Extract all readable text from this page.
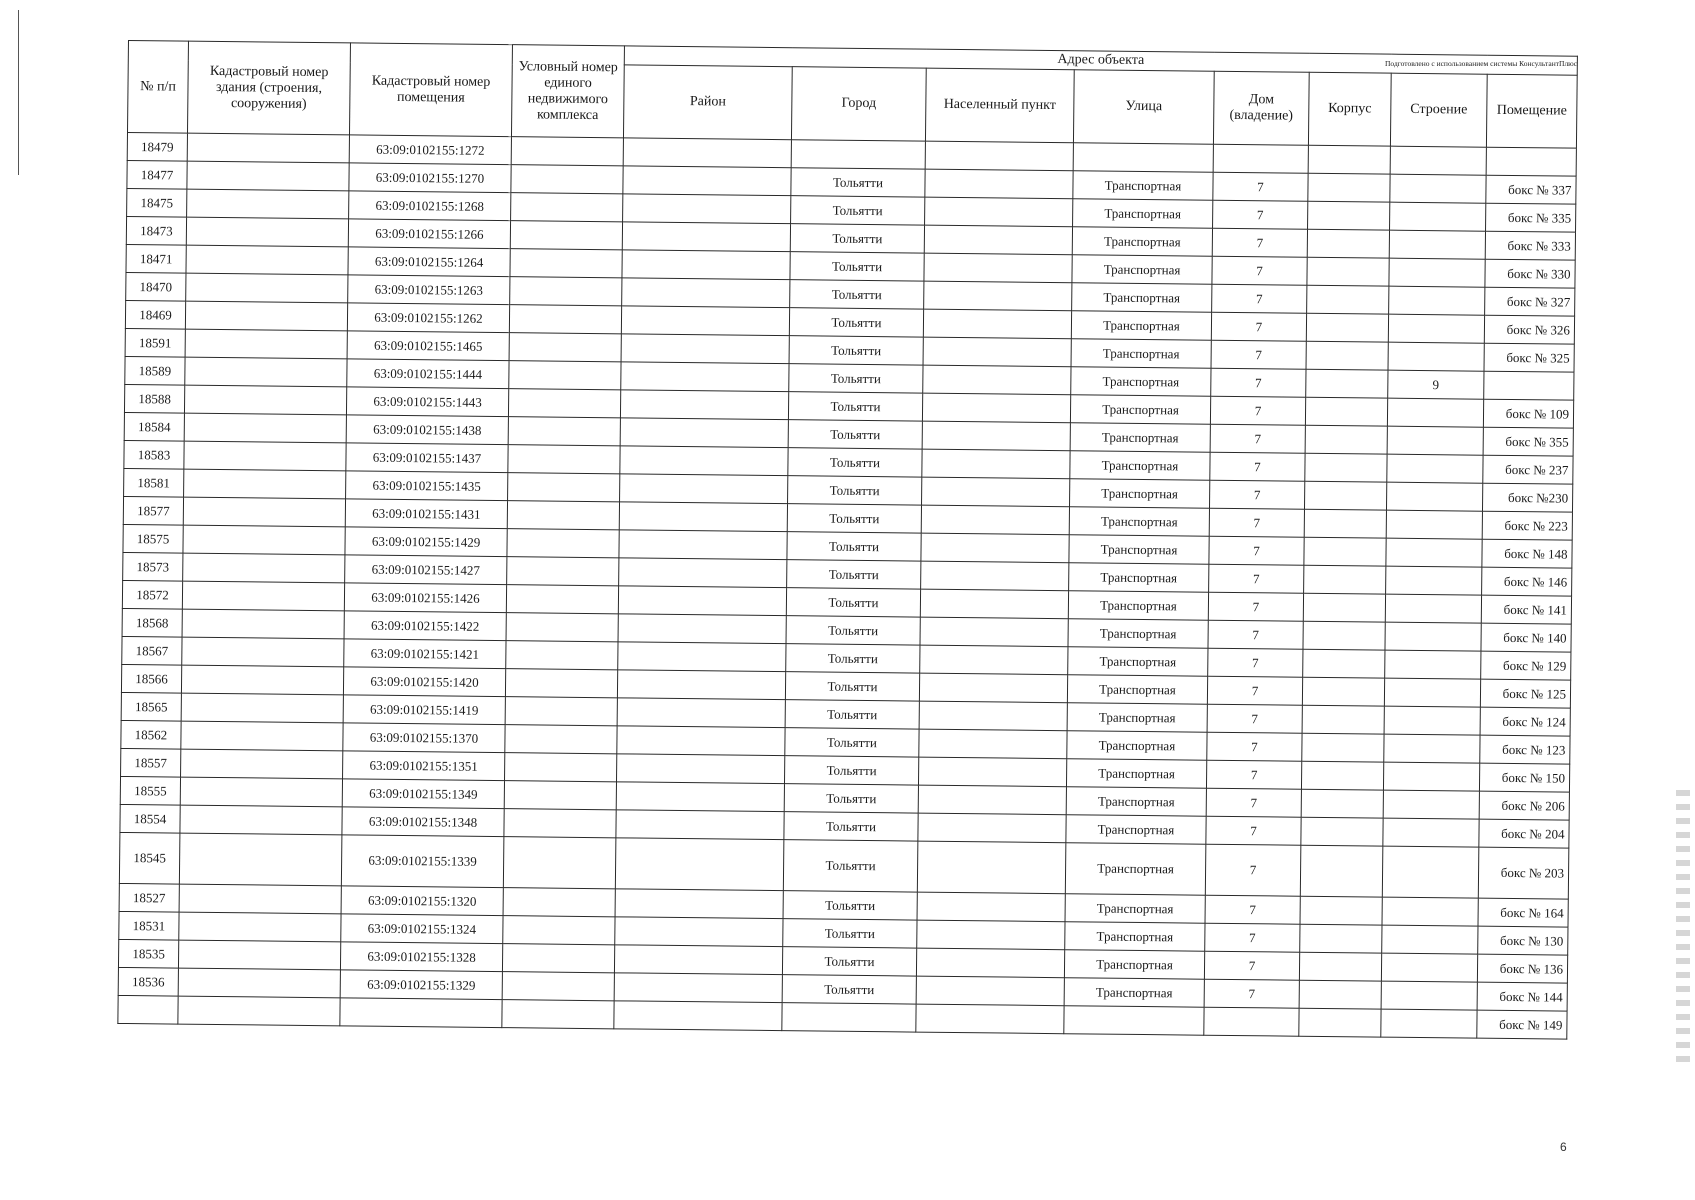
Подготовлено с использованием системы КонсультантПлюс
№ п/п	Кадастровый номер здания (строения, сооружения)	Кадастровый номер помещения	Условный номер единого недвижимого комплекса	Адрес объекта							
				Район	Город	Населенный пункт	Улица	Дом (владение)	Корпус	Строение	Помещение
18479		63:09:0102155:1272									
18477		63:09:0102155:1270			Тольятти		Транспортная	7			бокс № 337
18475		63:09:0102155:1268			Тольятти		Транспортная	7			бокс № 335
18473		63:09:0102155:1266			Тольятти		Транспортная	7			бокс № 333
18471		63:09:0102155:1264			Тольятти		Транспортная	7			бокс № 330
18470		63:09:0102155:1263			Тольятти		Транспортная	7			бокс № 327
18469		63:09:0102155:1262			Тольятти		Транспортная	7			бокс № 326
18591		63:09:0102155:1465			Тольятти		Транспортная	7			бокс № 325
18589		63:09:0102155:1444			Тольятти		Транспортная	7		9	
18588		63:09:0102155:1443			Тольятти		Транспортная	7			бокс № 109
18584		63:09:0102155:1438			Тольятти		Транспортная	7			бокс № 355
18583		63:09:0102155:1437			Тольятти		Транспортная	7			бокс № 237
18581		63:09:0102155:1435			Тольятти		Транспортная	7			бокс №230
18577		63:09:0102155:1431			Тольятти		Транспортная	7			бокс № 223
18575		63:09:0102155:1429			Тольятти		Транспортная	7			бокс № 148
18573		63:09:0102155:1427			Тольятти		Транспортная	7			бокс № 146
18572		63:09:0102155:1426			Тольятти		Транспортная	7			бокс № 141
18568		63:09:0102155:1422			Тольятти		Транспортная	7			бокс № 140
18567		63:09:0102155:1421			Тольятти		Транспортная	7			бокс № 129
18566		63:09:0102155:1420			Тольятти		Транспортная	7			бокс № 125
18565		63:09:0102155:1419			Тольятти		Транспортная	7			бокс № 124
18562		63:09:0102155:1370			Тольятти		Транспортная	7			бокс № 123
18557		63:09:0102155:1351			Тольятти		Транспортная	7			бокс № 150
18555		63:09:0102155:1349			Тольятти		Транспортная	7			бокс № 206
18554		63:09:0102155:1348			Тольятти		Транспортная	7			бокс № 204
18545		63:09:0102155:1339			Тольятти		Транспортная	7			бокс № 203
18527		63:09:0102155:1320			Тольятти		Транспортная	7			бокс № 164
18531		63:09:0102155:1324			Тольятти		Транспортная	7			бокс № 130
18535		63:09:0102155:1328			Тольятти		Транспортная	7			бокс № 136
18536		63:09:0102155:1329			Тольятти		Транспортная	7			бокс № 144
											бокс № 149
6
